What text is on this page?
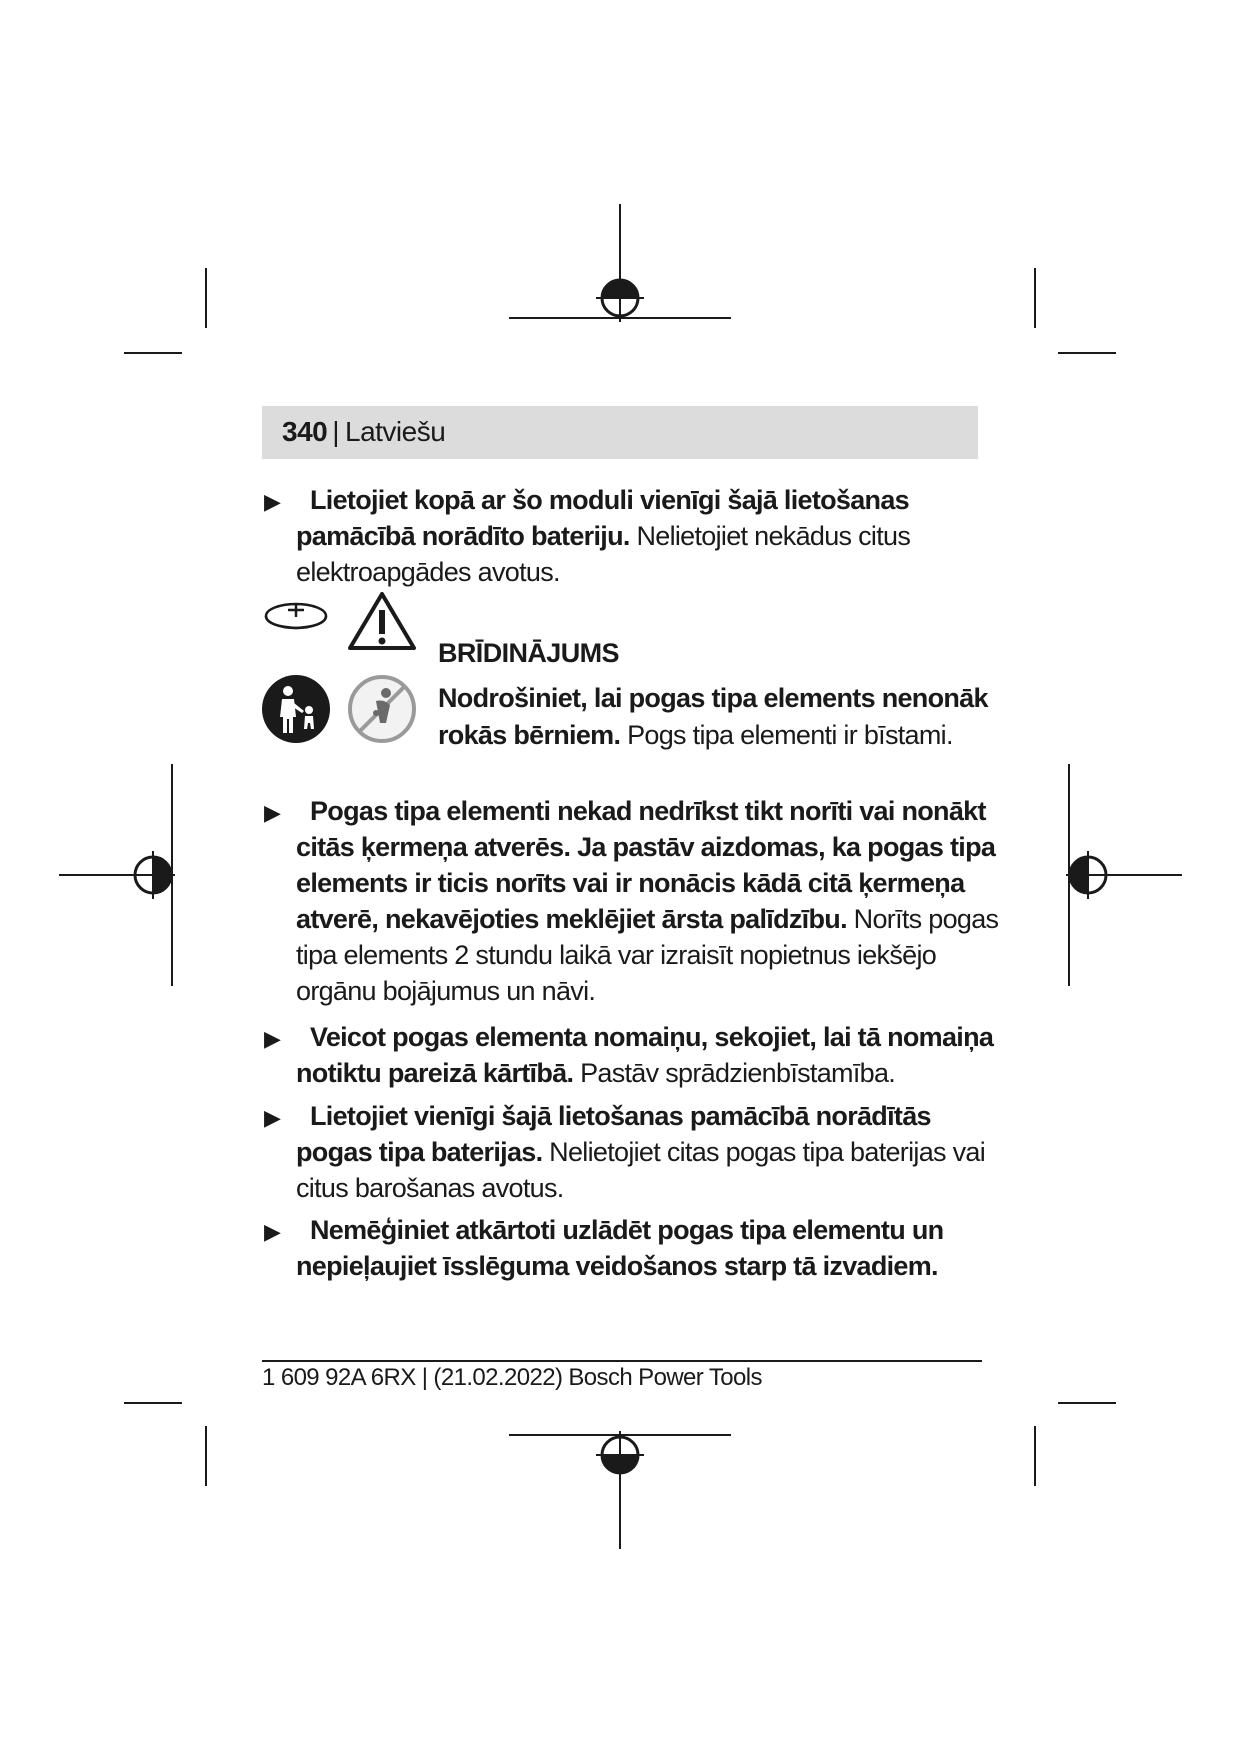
340 | Latviešu
▶	Lietojiet kopā ar šo moduli vienīgi šajā lietošanas pamācībā norādīto bateriju. Nelietojiet nekādus citus elektroapgādes avotus.
BRĪDINĀJUMS
Nodrošiniet, lai pogas tipa elements nenonāk rokās bērniem. Pogs tipa elementi ir bīstami.
▶	Pogas tipa elementi nekad nedrīkst tikt norīti vai nonākt citās ķermeņa atverēs. Ja pastāv aizdomas, ka pogas tipa elements ir ticis norīts vai ir nonācis kādā citā ķermeņa atverē, nekavējoties meklējiet ārsta palīdzību. Norīts pogas tipa elements 2 stundu laikā var izraisīt nopietnus iekšējo orgānu bojājumus un nāvi.
▶	Veicot pogas elementa nomaiņu, sekojiet, lai tā nomaiņa notiktu pareizā kārtībā. Pastāv sprādzienbīstamība.
▶	Lietojiet vienīgi šajā lietošanas pamācībā norādītās pogas tipa baterijas. Nelietojiet citas pogas tipa baterijas vai citus barošanas avotus.
▶	Nemēģiniet atkārtoti uzlādēt pogas tipa elementu un nepieļaujiet īsslēguma veidošanos starp tā izvadiem.
1 609 92A 6RX | (21.02.2022) Bosch Power Tools
